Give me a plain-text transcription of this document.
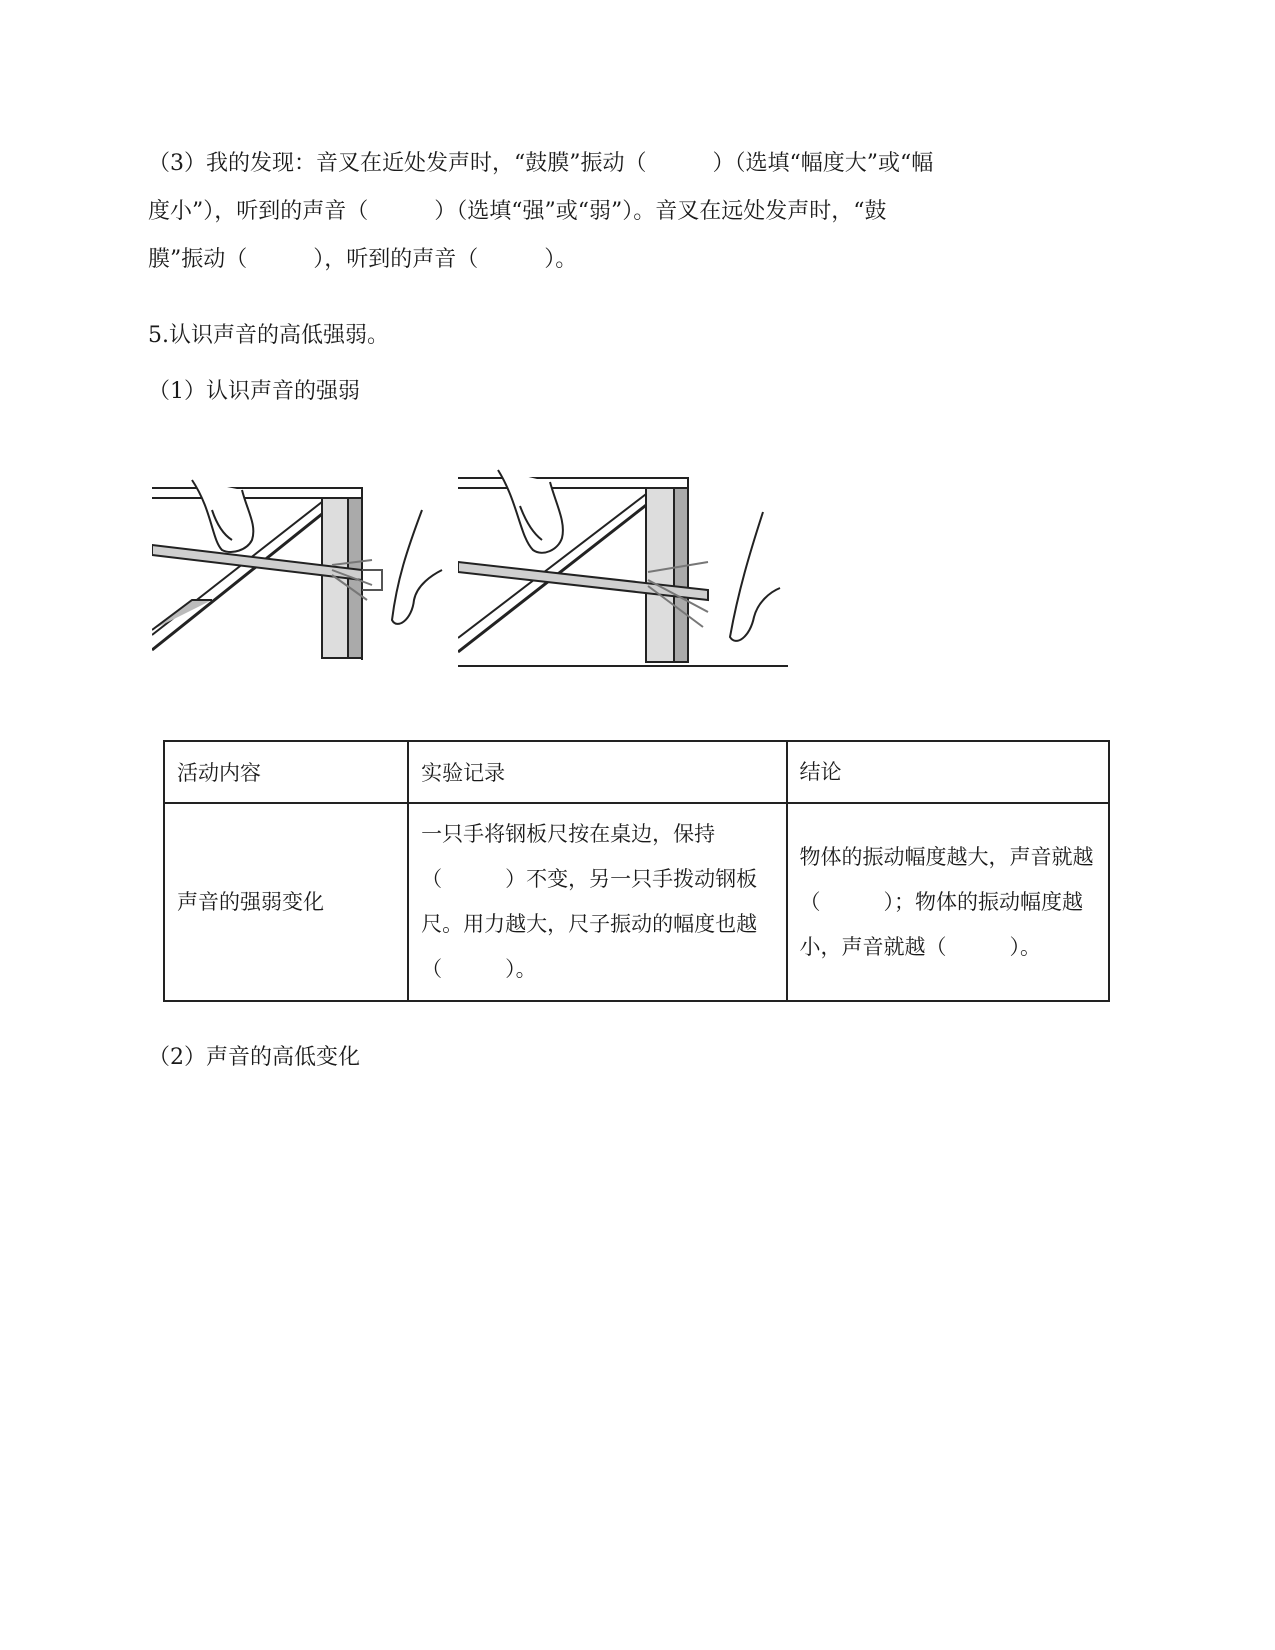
（3）我的发现：音叉在近处发声时，“鼓膜”振动（　　　）（选填“幅度大”或“幅
度小”），听到的声音（　　　）（选填“强”或“弱”）。音叉在远处发声时，“鼓
膜”振动（　　　），听到的声音（　　　）。
5.认识声音的高低强弱。
（1）认识声音的强弱
活动内容	实验记录	结论
声音的强弱变化	一只手将钢板尺按在桌边，保持（　　　）不变，另一只手拨动钢板尺。用力越大，尺子振动的幅度也越（　　　）。	物体的振动幅度越大，声音就越（　　　）；物体的振动幅度越小，声音就越（　　　）。
（2）声音的高低变化
